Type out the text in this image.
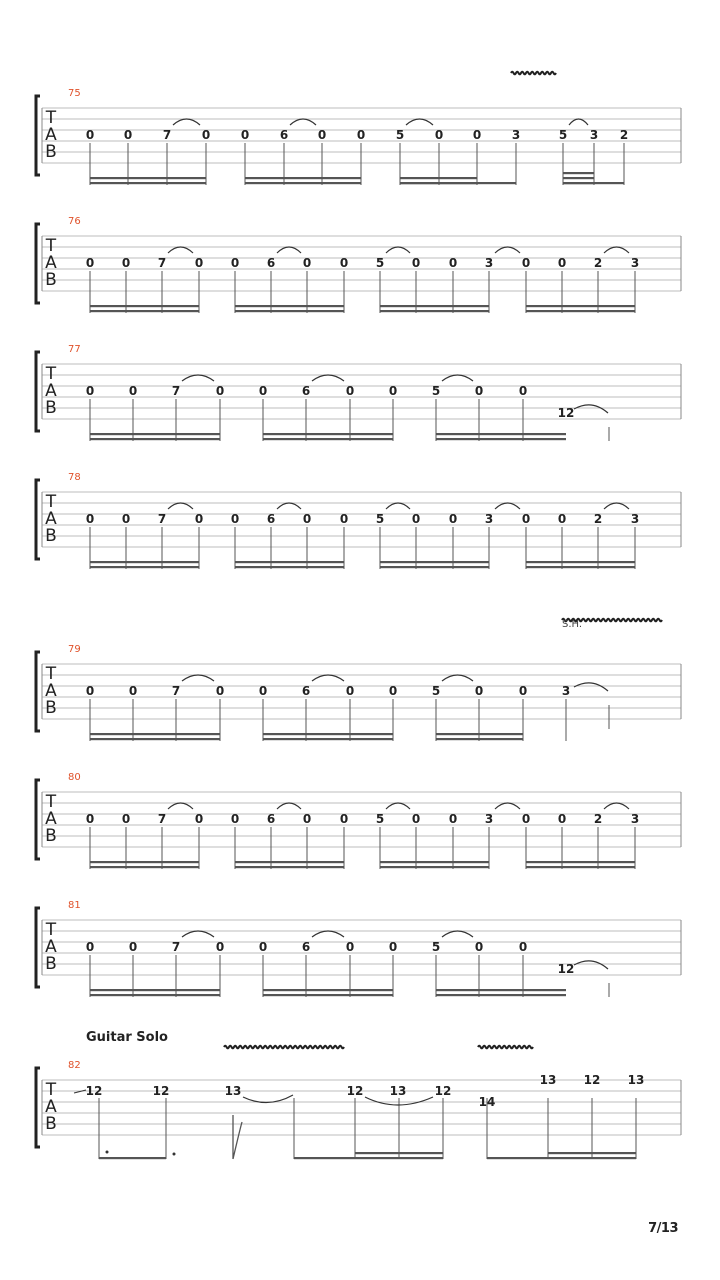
T
A
B
75
0 0	7	0	0	6 0	0	5	0 0	3	5 3 2
T
A
B
76
0 0 7 0 0 6 0 0 5 0 0 3 0 0 2 3
T
A
B
77
0	0	7	0	0	6	0	0	5	0	0
12
T
A
B
78
0 0 7 0 0 6 0 0 5 0 0 3 0 0 2 3
T
A
B
79
0	0	7	0	0	6	0	0	5	0	0	3
T
A
B
80
0 0 7 0 0 6 0 0 5 0 0 3 0 0 2 3
T
A
B
81
0	0	7	0	0	6	0	0	5	0	0
12
T
A
B
82
12	12	13	12 13 12
14
13 12 13
S.H.
Guitar Solo
7/13
